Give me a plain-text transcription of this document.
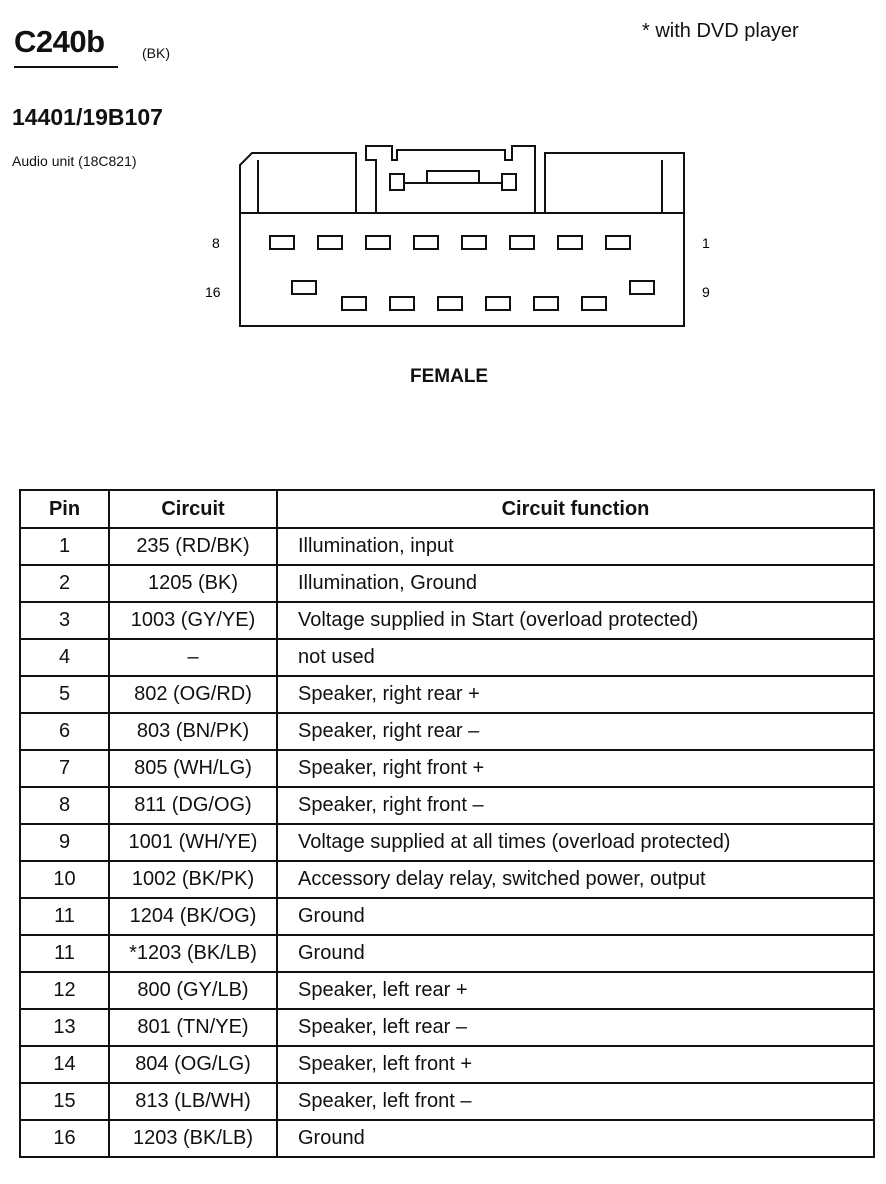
C240b	(BK)
* with DVD player
14401/19B107
Audio unit (18C821)
8	1
16	9
FEMALE
Pin	Circuit	Circuit function
1	235 (RD/BK)	Illumination, input
2	1205 (BK)	Illumination, Ground
3	1003 (GY/YE)	Voltage supplied in Start (overload protected)
4	–	not used
5	802 (OG/RD)	Speaker, right rear +
6	803 (BN/PK)	Speaker, right rear –
7	805 (WH/LG)	Speaker, right front +
8	811 (DG/OG)	Speaker, right front –
9	1001 (WH/YE)	Voltage supplied at all times (overload protected)
10	1002 (BK/PK)	Accessory delay relay, switched power, output
11	1204 (BK/OG)	Ground
11	*1203 (BK/LB)	Ground
12	800 (GY/LB)	Speaker, left rear +
13	801 (TN/YE)	Speaker, left rear –
14	804 (OG/LG)	Speaker, left front +
15	813 (LB/WH)	Speaker, left front –
16	1203 (BK/LB)	Ground
